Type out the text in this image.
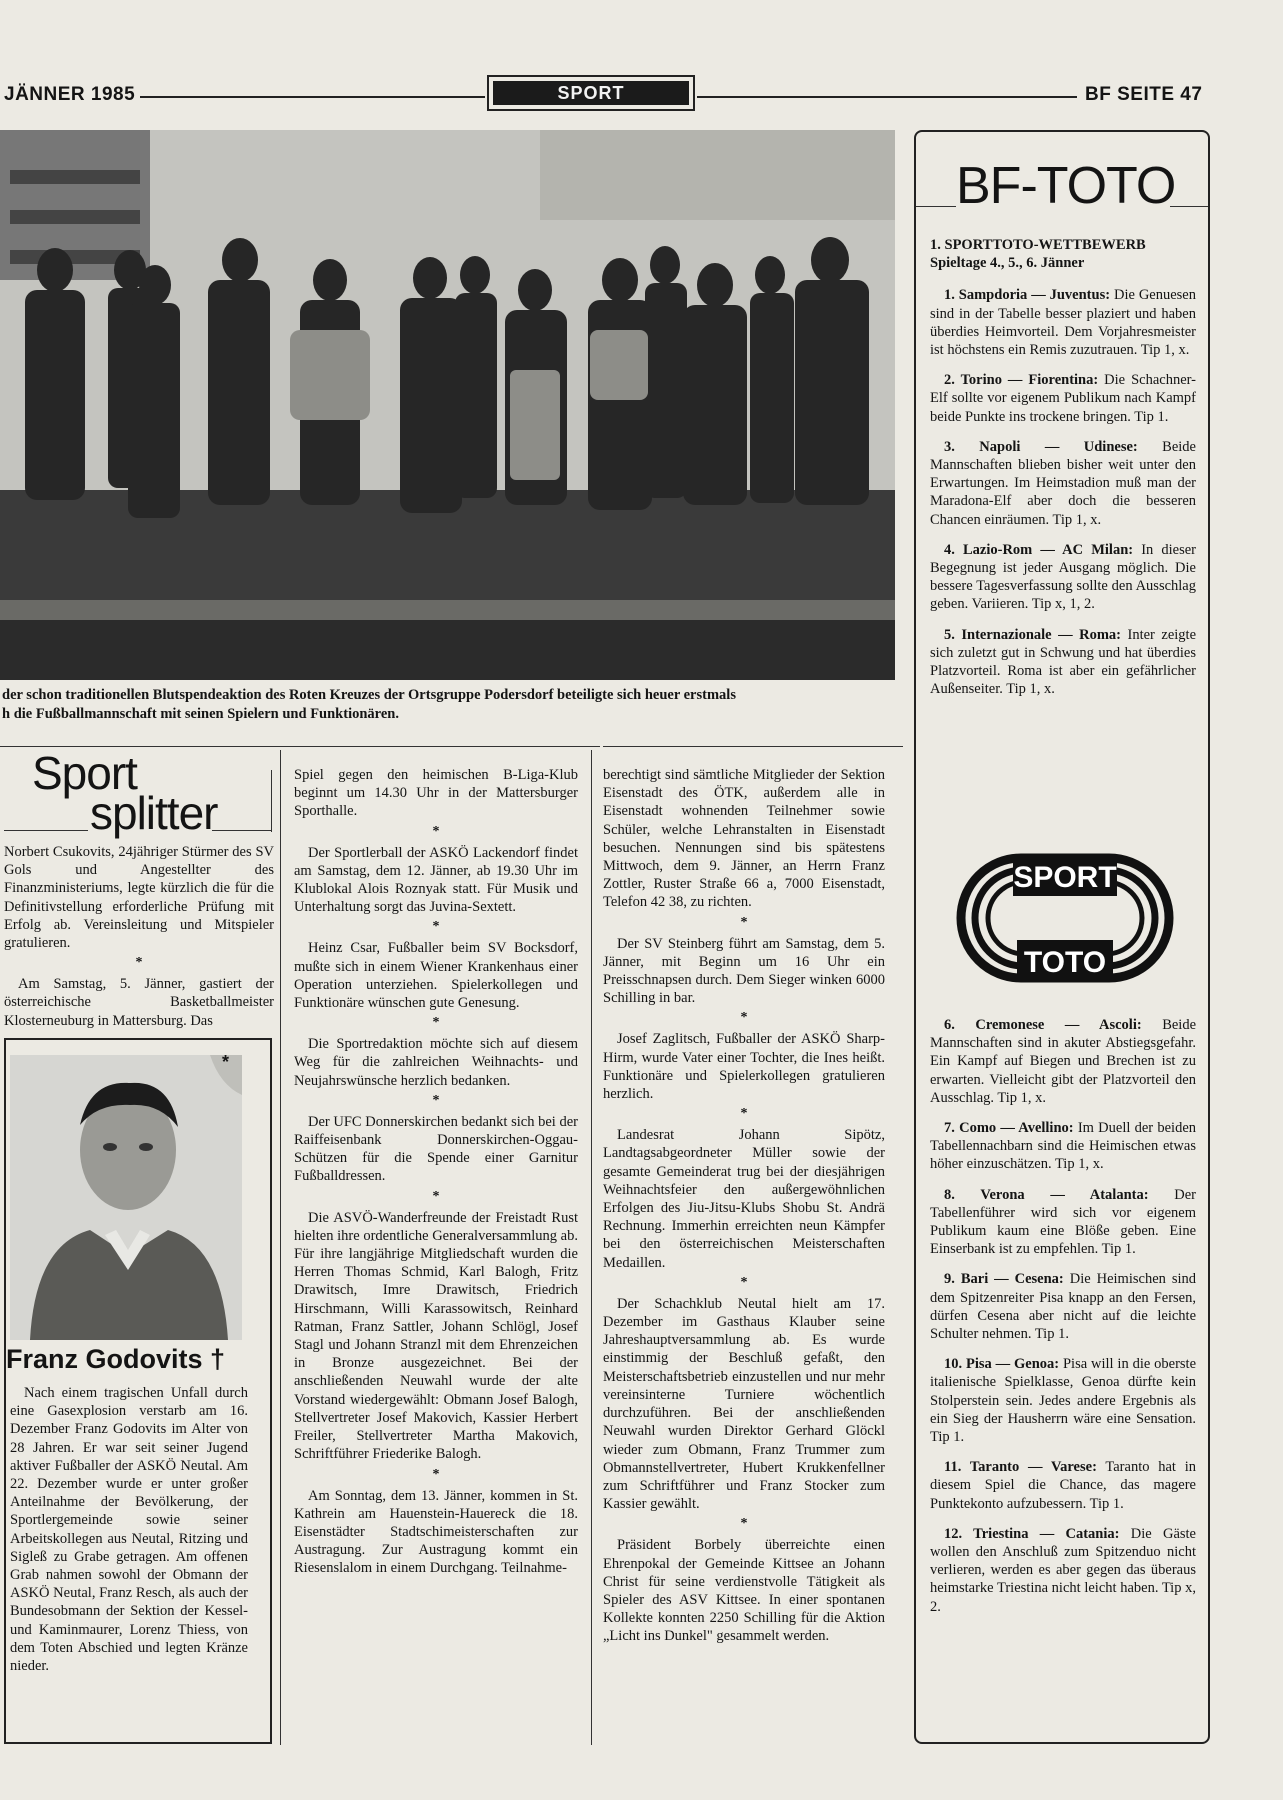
JÄNNER 1985	SPORT	BF SEITE 47
der schon traditionellen Blutspendeaktion des Roten Kreuzes der Ortsgruppe Podersdorf beteiligte sich heuer erstmals
h die Fußballmannschaft mit seinen Spielern und Funktionären.
Sport
splitter

Norbert Csukovits, 24jähriger Stürmer des SV Gols und Angestellter des Finanzministeriums, legte kürzlich die für die Definitivstellung erforderliche Prüfung mit Erfolg ab. Vereinsleitung und Mitspieler gratulieren.

*

Am Samstag, 5. Jänner, gastiert der österreichische Basketballmeister Klosterneuburg in Mattersburg. Das

*
Franz Godovits †

Nach einem tragischen Unfall durch eine Gasexplosion verstarb am 16. Dezember Franz Godovits im Alter von 28 Jahren. Er war seit seiner Jugend aktiver Fußballer der ASKÖ Neutal. Am 22. Dezember wurde er unter großer Anteilnahme der Bevölkerung, der Sportlergemeinde sowie seiner Arbeitskollegen aus Neutal, Ritzing und Sigleß zu Grabe getragen. Am offenen Grab nahmen sowohl der Obmann der ASKÖ Neutal, Franz Resch, als auch der Bundesobmann der Sektion der Kessel- und Kaminmaurer, Lorenz Thiess, von dem Toten Abschied und legten Kränze nieder.

Spiel gegen den heimischen B-Liga-Klub beginnt um 14.30 Uhr in der Mattersburger Sporthalle.

*

Der Sportlerball der ASKÖ Lackendorf findet am Samstag, dem 12. Jänner, ab 19.30 Uhr im Klublokal Alois Roznyak statt. Für Musik und Unterhaltung sorgt das Juvina-Sextett.

*

Heinz Csar, Fußballer beim SV Bocksdorf, mußte sich in einem Wiener Krankenhaus einer Operation unterziehen. Spielerkollegen und Funktionäre wünschen gute Genesung.

*

Die Sportredaktion möchte sich auf diesem Weg für die zahlreichen Weihnachts- und Neujahrswünsche herzlich bedanken.

*

Der UFC Donnerskirchen bedankt sich bei der Raiffeisenbank Donnerskirchen-Oggau-Schützen für die Spende einer Garnitur Fußballdressen.

*

Die ASVÖ-Wanderfreunde der Freistadt Rust hielten ihre ordentliche Generalversammlung ab. Für ihre langjährige Mitgliedschaft wurden die Herren Thomas Schmid, Karl Balogh, Fritz Drawitsch, Imre Drawitsch, Friedrich Hirschmann, Willi Karassowitsch, Reinhard Ratman, Franz Sattler, Johann Schlögl, Josef Stagl und Johann Stranzl mit dem Ehrenzeichen in Bronze ausgezeichnet. Bei der anschließenden Neuwahl wurde der alte Vorstand wiedergewählt: Obmann Josef Balogh, Stellvertreter Josef Makovich, Kassier Herbert Freiler, Stellvertreter Martha Makovich, Schriftführer Friederike Balogh.

*

Am Sonntag, dem 13. Jänner, kommen in St. Kathrein am Hauenstein-Hauereck die 18. Eisenstädter Stadtschimeisterschaften zur Austragung. Zur Austragung kommt ein Riesenslalom in einem Durchgang. Teilnahme-

berechtigt sind sämtliche Mitglieder der Sektion Eisenstadt des ÖTK, außerdem alle in Eisenstadt wohnenden Teilnehmer sowie Schüler, welche Lehranstalten in Eisenstadt besuchen. Nennungen sind bis spätestens Mittwoch, dem 9. Jänner, an Herrn Franz Zottler, Ruster Straße 66 a, 7000 Eisenstadt, Telefon 42 38, zu richten.

*

Der SV Steinberg führt am Samstag, dem 5. Jänner, mit Beginn um 16 Uhr ein Preisschnapsen durch. Dem Sieger winken 6000 Schilling in bar.

*

Josef Zaglitsch, Fußballer der ASKÖ Sharp-Hirm, wurde Vater einer Tochter, die Ines heißt. Funktionäre und Spielerkollegen gratulieren herzlich.

*

Landesrat Johann Sipötz, Landtagsabgeordneter Müller sowie der gesamte Gemeinderat trug bei der diesjährigen Weihnachtsfeier den außergewöhnlichen Erfolgen des Jiu-Jitsu-Klubs Shobu St. Andrä Rechnung. Immerhin erreichten neun Kämpfer bei den österreichischen Meisterschaften Medaillen.

*

Der Schachklub Neutal hielt am 17. Dezember im Gasthaus Klauber seine Jahreshauptversammlung ab. Es wurde einstimmig der Beschluß gefaßt, den Meisterschaftsbetrieb einzustellen und nur mehr vereinsinterne Turniere wöchentlich durchzuführen. Bei der anschließenden Neuwahl wurden Direktor Gerhard Glöckl wieder zum Obmann, Franz Trummer zum Obmannstellvertreter, Hubert Krukkenfellner zum Schriftführer und Franz Stocker zum Kassier gewählt.

*

Präsident Borbely überreichte einen Ehrenpokal der Gemeinde Kittsee an Johann Christ für seine verdienstvolle Tätigkeit als Spieler des ASV Kittsee. In einer spontanen Kollekte konnten 2250 Schilling für die Aktion „Licht ins Dunkel" gesammelt werden.

BF-TOTO
1. SPORTTOTO-WETTBEWERB
Spieltage 4., 5., 6. Jänner

1. Sampdoria — Juventus: Die Genuesen sind in der Tabelle besser plaziert und haben überdies Heimvorteil. Dem Vorjahresmeister ist höchstens ein Remis zuzutrauen. Tip 1, x.

2. Torino — Fiorentina: Die Schachner-Elf sollte vor eigenem Publikum nach Kampf beide Punkte ins trockene bringen. Tip 1.

3. Napoli — Udinese: Beide Mannschaften blieben bisher weit unter den Erwartungen. Im Heimstadion muß man der Maradona-Elf aber doch die besseren Chancen einräumen. Tip 1, x.

4. Lazio-Rom — AC Milan: In dieser Begegnung ist jeder Ausgang möglich. Die bessere Tagesverfassung sollte den Ausschlag geben. Variieren. Tip x, 1, 2.

5. Internazionale — Roma: Inter zeigte sich zuletzt gut in Schwung und hat überdies Platzvorteil. Roma ist aber ein gefährlicher Außenseiter. Tip 1, x.

SPORT
TOTO

6. Cremonese — Ascoli: Beide Mannschaften sind in akuter Abstiegsgefahr. Ein Kampf auf Biegen und Brechen ist zu erwarten. Vielleicht gibt der Platzvorteil den Ausschlag. Tip 1, x.

7. Como — Avellino: Im Duell der beiden Tabellennachbarn sind die Heimischen etwas höher einzuschätzen. Tip 1, x.

8. Verona — Atalanta: Der Tabellenführer wird sich vor eigenem Publikum kaum eine Blöße geben. Eine Einserbank ist zu empfehlen. Tip 1.

9. Bari — Cesena: Die Heimischen sind dem Spitzenreiter Pisa knapp an den Fersen, dürfen Cesena aber nicht auf die leichte Schulter nehmen. Tip 1.

10. Pisa — Genoa: Pisa will in die oberste italienische Spielklasse, Genoa dürfte kein Stolperstein sein. Jedes andere Ergebnis als ein Sieg der Hausherrn wäre eine Sensation. Tip 1.

11. Taranto — Varese: Taranto hat in diesem Spiel die Chance, das magere Punktekonto aufzubessern. Tip 1.

12. Triestina — Catania: Die Gäste wollen den Anschluß zum Spitzenduo nicht verlieren, werden es aber gegen das überaus heimstarke Triestina nicht leicht haben. Tip x, 2.
